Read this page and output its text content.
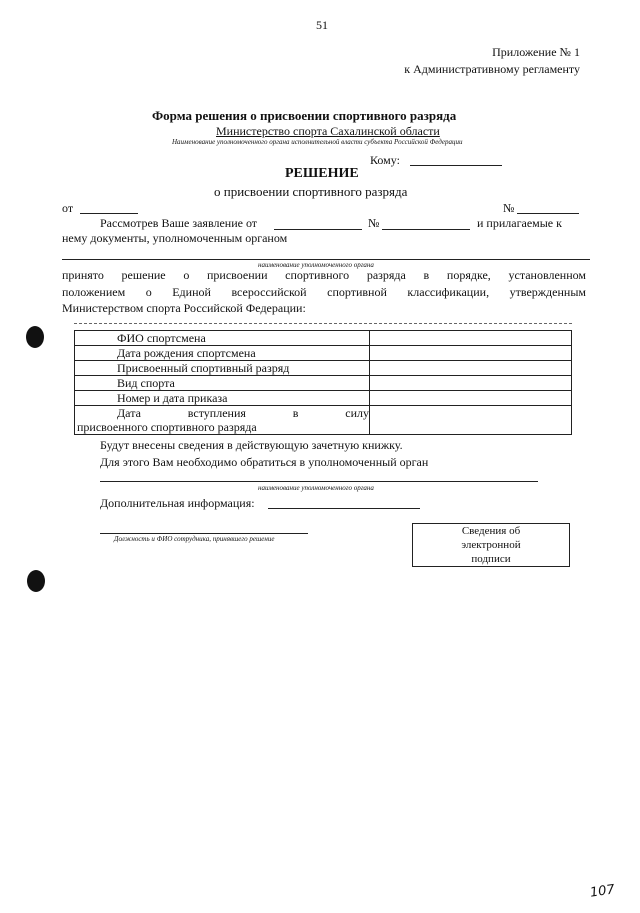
51
Приложение № 1
к Административному регламенту
Форма решения о присвоении спортивного разряда
Министерство спорта Сахалинской области
Наименование уполномоченного органа исполнительной власти субъекта Российской Федерации
Кому:
РЕШЕНИЕ
о присвоении спортивного разряда
от	№
Рассмотрев Ваше заявление от	№	и прилагаемые к
нему документы, уполномоченным органом
наименование уполномоченного органа
принято решение о присвоении спортивного разряда в порядке, установленном
положением о Единой всероссийской спортивной классификации, утвержденным
Министерством спорта Российской Федерации:
ФИО спортсмена	
Дата рождения спортсмена	
Присвоенный спортивный разряд	
Вид спорта	
Номер и дата приказа	

Дата вступления в силу
присвоенного спортивного разряда	
Будут внесены сведения в действующую зачетную книжку.
Для этого Вам необходимо обратиться в уполномоченный орган
наименование уполномоченного органа
Дополнительная информация:
Должность и ФИО сотрудника, принявшего решение
Сведения об
электронной
подписи
107
